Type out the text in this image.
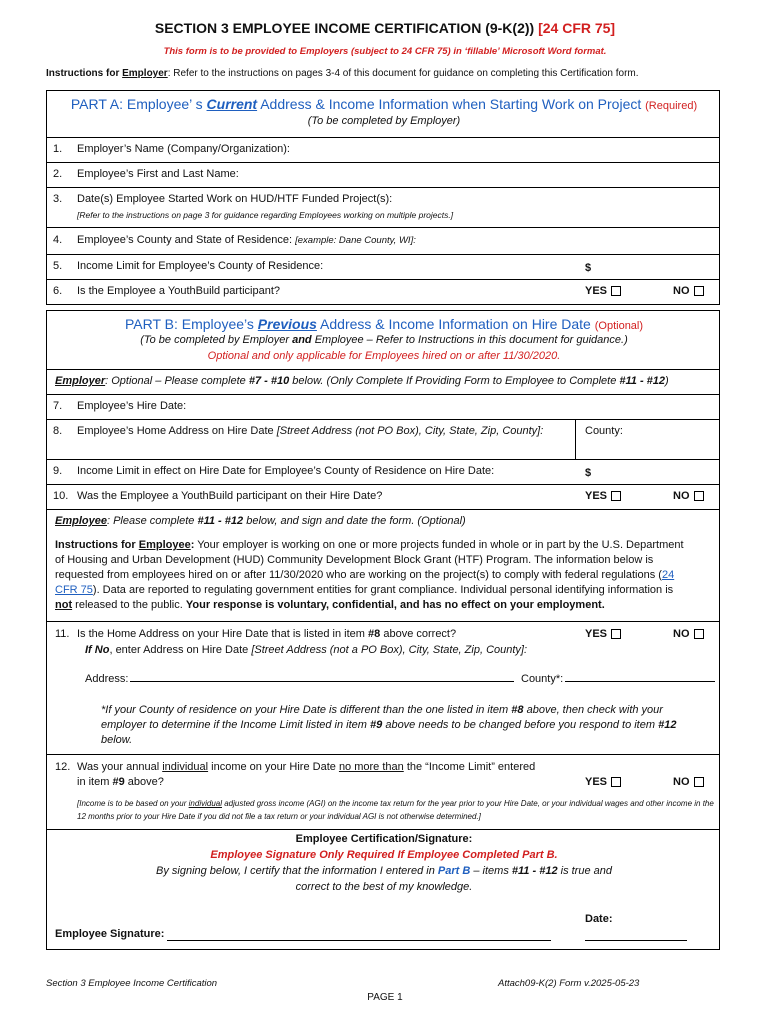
SECTION 3 EMPLOYEE INCOME CERTIFICATION (9-K(2)) [24 CFR 75]
This form is to be provided to Employers (subject to 24 CFR 75) in ‘fillable’ Microsoft Word format.
Instructions for Employer: Refer to the instructions on pages 3-4 of this document for guidance on completing this Certification form.
PART A: Employee’ s Current Address & Income Information when Starting Work on Project (Required)
(To be completed by Employer)
1. Employer’s Name (Company/Organization):
2. Employee’s First and Last Name:
3. Date(s) Employee Started Work on HUD/HTF Funded Project(s):
[Refer to the instructions on page 3 for guidance regarding Employees working on multiple projects.]
4. Employee’s County and State of Residence: [example: Dane County, WI]:
5. Income Limit for Employee’s County of Residence:	$
6. Is the Employee a YouthBuild participant?	YES	NO
PART B: Employee’s Previous Address & Income Information on Hire Date (Optional)
(To be completed by Employer and Employee – Refer to Instructions in this document for guidance.)
Optional and only applicable for Employees hired on or after 11/30/2020.
Employer: Optional – Please complete #7 - #10 below. (Only Complete If Providing Form to Employee to Complete #11 - #12)
7. Employee’s Hire Date:
8. Employee’s Home Address on Hire Date [Street Address (not PO Box), City, State, Zip, County]:	County:
9. Income Limit in effect on Hire Date for Employee’s County of Residence on Hire Date:	$
10. Was the Employee a YouthBuild participant on their Hire Date?	YES	NO
Employee: Please complete #11 - #12 below, and sign and date the form. (Optional)
Instructions for Employee: Your employer is working on one or more projects funded in whole or in part by the U.S. Department
of Housing and Urban Development (HUD) Community Development Block Grant (HTF) Program. The information below is
requested from employees hired on or after 11/30/2020 who are working on the project(s) to comply with federal regulations (24
CFR 75). Data are reported to regulating government entities for grant compliance. Individual personal identifying information is
not released to the public. Your response is voluntary, confidential, and has no effect on your employment.
11. Is the Home Address on your Hire Date that is listed in item #8 above correct?	YES	NO
If No, enter Address on Hire Date [Street Address (not a PO Box), City, State, Zip, County]:
Address:	County*:
*If your County of residence on your Hire Date is different than the one listed in item #8 above, then check with your employer to determine if the Income Limit listed in item #9 above needs to be changed before you respond to item #12 below.
12. Was your annual individual income on your Hire Date no more than the “Income Limit” entered
in item #9 above?	YES	NO
[Income is to be based on your individual adjusted gross income (AGI) on the income tax return for the year prior to your Hire Date, or your individual wages and other income in the 12 months prior to your Hire Date if you did not file a tax return or your individual AGI is not otherwise determined.]
Employee Certification/Signature:
Employee Signature Only Required If Employee Completed Part B.
By signing below, I certify that the information I entered in Part B – items #11 - #12 is true and
correct to the best of my knowledge.
Date:
Employee Signature:
Section 3 Employee Income Certification	Attach09-K(2) Form v.2025-05-23
PAGE 1
